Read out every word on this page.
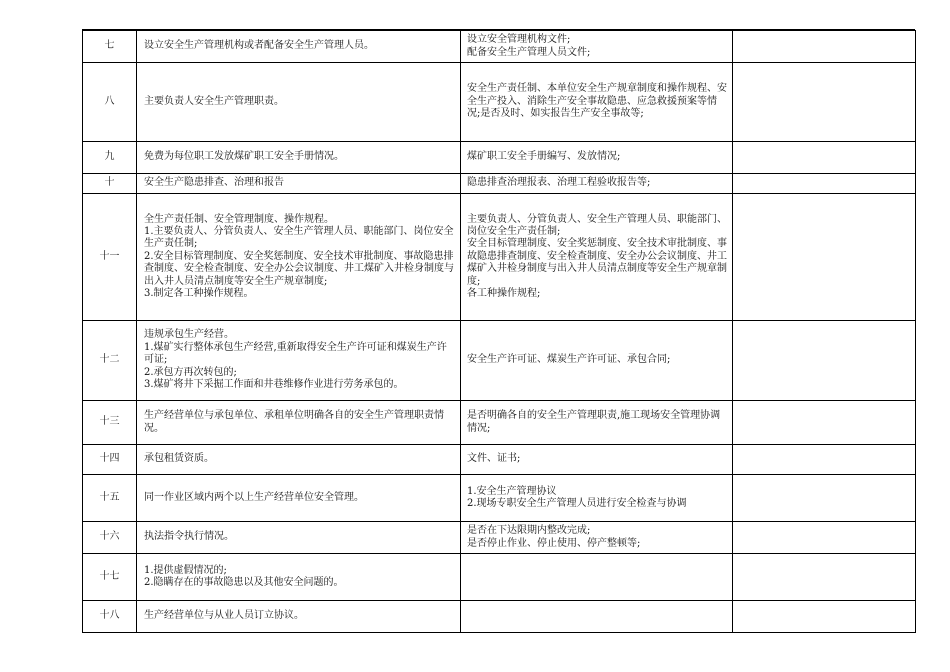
七	设立安全生产管理机构或者配备安全生产管理人员。	设立安全管理机构文件;
配备安全生产管理人员文件;	
八	主要负责人安全生产管理职责。	安全生产责任制、本单位安全生产规章制度和操作规程、安全生产投入、消除生产安全事故隐患、应急救援预案等情况;是否及时、如实报告生产安全事故等;	
九	免费为每位职工发放煤矿职工安全手册情况。	煤矿职工安全手册编写、发放情况;	
十	安全生产隐患排查、治理和报告	隐患排查治理报表、治理工程验收报告等;	
十一	全生产责任制、安全管理制度、操作规程。
1.主要负责人、分管负责人、安全生产管理人员、职能部门、岗位安全生产责任制;
2.安全目标管理制度、安全奖惩制度、安全技术审批制度、事故隐患排查制度、安全检查制度、安全办公会议制度、井工煤矿入井检身制度与出入井人员清点制度等安全生产规章制度;
3.制定各工种操作规程。	主要负责人、分管负责人、安全生产管理人员、职能部门、岗位安全生产责任制;
安全目标管理制度、安全奖惩制度、安全技术审批制度、事故隐患排查制度、安全检查制度、安全办公会议制度、井工煤矿入井检身制度与出入井人员清点制度等安全生产规章制度;
各工种操作规程;	
十二	违规承包生产经营。
1.煤矿实行整体承包生产经营,重新取得安全生产许可证和煤炭生产许可证;
2.承包方再次转包的;
3.煤矿将井下采掘工作面和井巷维修作业进行劳务承包的。	安全生产许可证、煤炭生产许可证、承包合同;	
十三	生产经营单位与承包单位、承租单位明确各自的安全生产管理职责情况。	是否明确各自的安全生产管理职责,施工现场安全管理协调情况;	
十四	承包租赁资质。	文件、证书;	
十五	同一作业区域内两个以上生产经营单位安全管理。	1.安全生产管理协议
2.现场专职安全生产管理人员进行安全检查与协调	
十六	执法指令执行情况。	是否在下达限期内整改完成;
是否停止作业、停止使用、停产整顿等;	
十七	1.提供虚假情况的;
2.隐瞒存在的事故隐患以及其他安全问题的。		
十八	生产经营单位与从业人员订立协议。		
